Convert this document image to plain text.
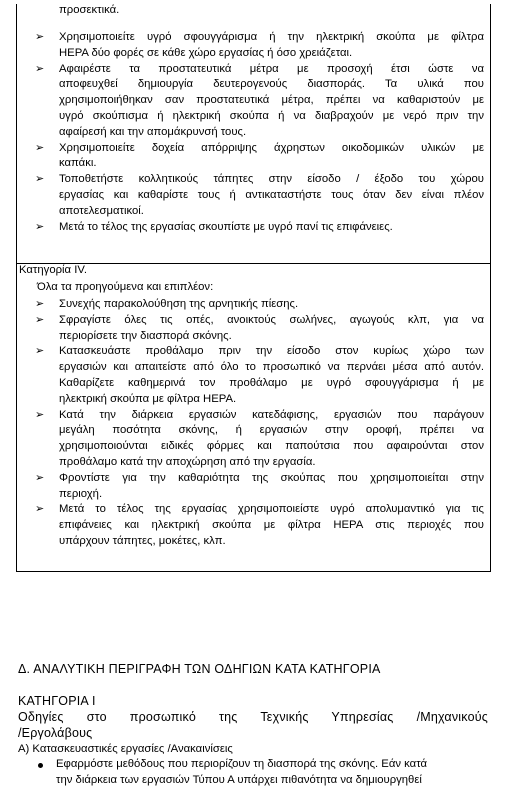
προσεκτικά.
➢ Χρησιμοποιείτε υγρό σφουγγάρισμα ή την ηλεκτρική σκούπα με φίλτρα
HEPA δύο φορές σε κάθε χώρο εργασίας ή όσο χρειάζεται.
➢ Αφαιρέστε τα προστατευτικά μέτρα με προσοχή έτσι ώστε να
αποφευχθεί δημιουργία δευτερογενούς διασποράς. Τα υλικά που
χρησιμοποιήθηκαν σαν προστατευτικά μέτρα, πρέπει να καθαριστούν με
υγρό σκούπισμα ή ηλεκτρική σκούπα ή να διαβραχούν με νερό πριν την
αφαίρεσή και την απομάκρυνσή τους.
➢ Χρησιμοποιείτε δοχεία απόρριψης άχρηστων οικοδομικών υλικών με
καπάκι.
➢ Τοποθετήστε κολλητικούς τάπητες στην είσοδο / έξοδο του χώρου
εργασίας και καθαρίστε τους ή αντικαταστήστε τους όταν δεν είναι πλέον
αποτελεσματικοί.
➢ Μετά το τέλος της εργασίας σκουπίστε με υγρό πανί τις επιφάνειες.
Κατηγορία IV.
Όλα τα προηγούμενα και επιπλέον:
➢ Συνεχής παρακολούθηση της αρνητικής πίεσης.
➢ Σφραγίστε όλες τις οπές, ανοικτούς σωλήνες, αγωγούς κλπ, για να
περιορίσετε την διασπορά σκόνης.
➢ Κατασκευάστε προθάλαμο πριν την είσοδο στον κυρίως χώρο των
εργασιών και απαιτείστε από όλο το προσωπικό να περνάει μέσα από αυτόν.
Καθαρίζετε καθημερινά τον προθάλαμο με υγρό σφουγγάρισμα ή με
ηλεκτρική σκούπα με φίλτρα HEPA.
➢ Κατά την διάρκεια εργασιών κατεδάφισης, εργασιών που παράγουν
μεγάλη ποσότητα σκόνης, ή εργασιών στην οροφή, πρέπει να
χρησιμοποιούνται ειδικές φόρμες και παπούτσια που αφαιρούνται στον
προθάλαμο κατά την αποχώρηση από την εργασία.
➢ Φροντίστε για την καθαριότητα της σκούπας που χρησιμοποιείται στην
περιοχή.
➢ Μετά το τέλος της εργασίας χρησιμοποιείστε υγρό απολυμαντικό για τις
επιφάνειες και ηλεκτρική σκούπα με φίλτρα HEPA στις περιοχές που
υπάρχουν τάπητες, μοκέτες, κλπ.
Δ. ΑΝΑΛΥΤΙΚΗ ΠΕΡΙΓΡΑΦΗ ΤΩΝ ΟΔΗΓΙΩΝ ΚΑΤΑ ΚΑΤΗΓΟΡΙΑ
ΚΑΤΗΓΟΡΙΑ I
Οδηγίες στο προσωπικό της Τεχνικής Υπηρεσίας /Μηχανικούς
/Εργολάβους
Α) Κατασκευαστικές εργασίες /Ανακαινίσεις
Εφαρμόστε μεθόδους που περιορίζουν τη διασπορά της σκόνης. Εάν κατά
την διάρκεια των εργασιών Τύπου Α υπάρχει πιθανότητα να δημιουργηθεί
